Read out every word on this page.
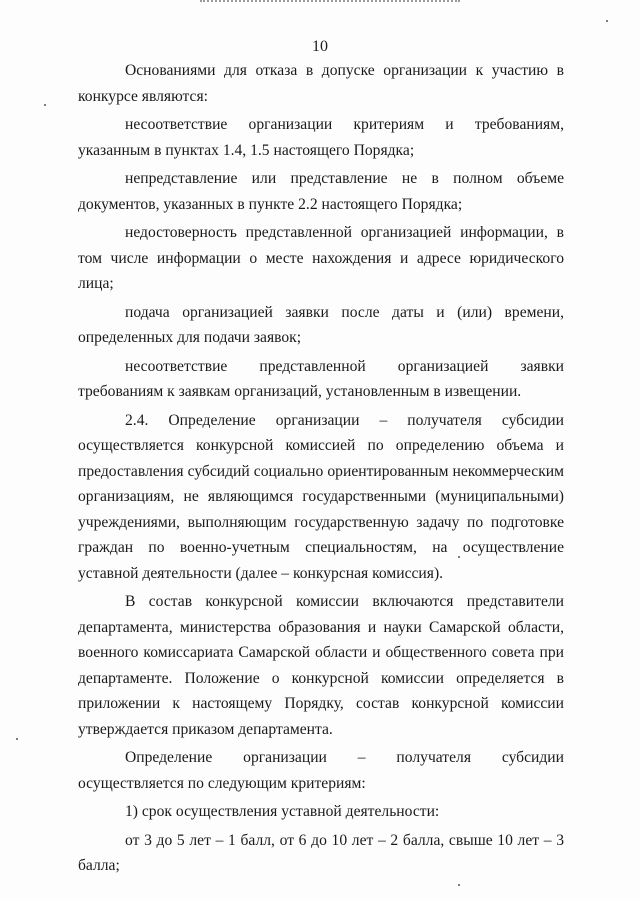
10

Основаниями для отказа в допуске организации к участию в конкурсе являются:

несоответствие организации критериям и требованиям, указанным в пунктах 1.4, 1.5 настоящего Порядка;

непредставление или представление не в полном объеме документов, указанных в пункте 2.2 настоящего Порядка;

недостоверность представленной организацией информации, в том числе информации о месте нахождения и адресе юридического лица;

подача организацией заявки после даты и (или) времени, определенных для подачи заявок;

несоответствие представленной организацией заявки требованиям к заявкам организаций, установленным в извещении.

2.4. Определение организации – получателя субсидии осуществляется конкурсной комиссией по определению объема и предоставления субсидий социально ориентированным некоммерческим организациям, не являющимся государственными (муниципальными) учреждениями, выполняющим государственную задачу по подготовке граждан по военно-учетным специальностям, на осуществление уставной деятельности (далее – конкурсная комиссия).

В состав конкурсной комиссии включаются представители департамента, министерства образования и науки Самарской области, военного комиссариата Самарской области и общественного совета при департаменте. Положение о конкурсной комиссии определяется в приложении к настоящему Порядку, состав конкурсной комиссии утверждается приказом департамента.

Определение организации – получателя субсидии осуществляется по следующим критериям:

1) срок осуществления уставной деятельности:

от 3 до 5 лет – 1 балл, от 6 до 10 лет – 2 балла, свыше 10 лет – 3 балла;
